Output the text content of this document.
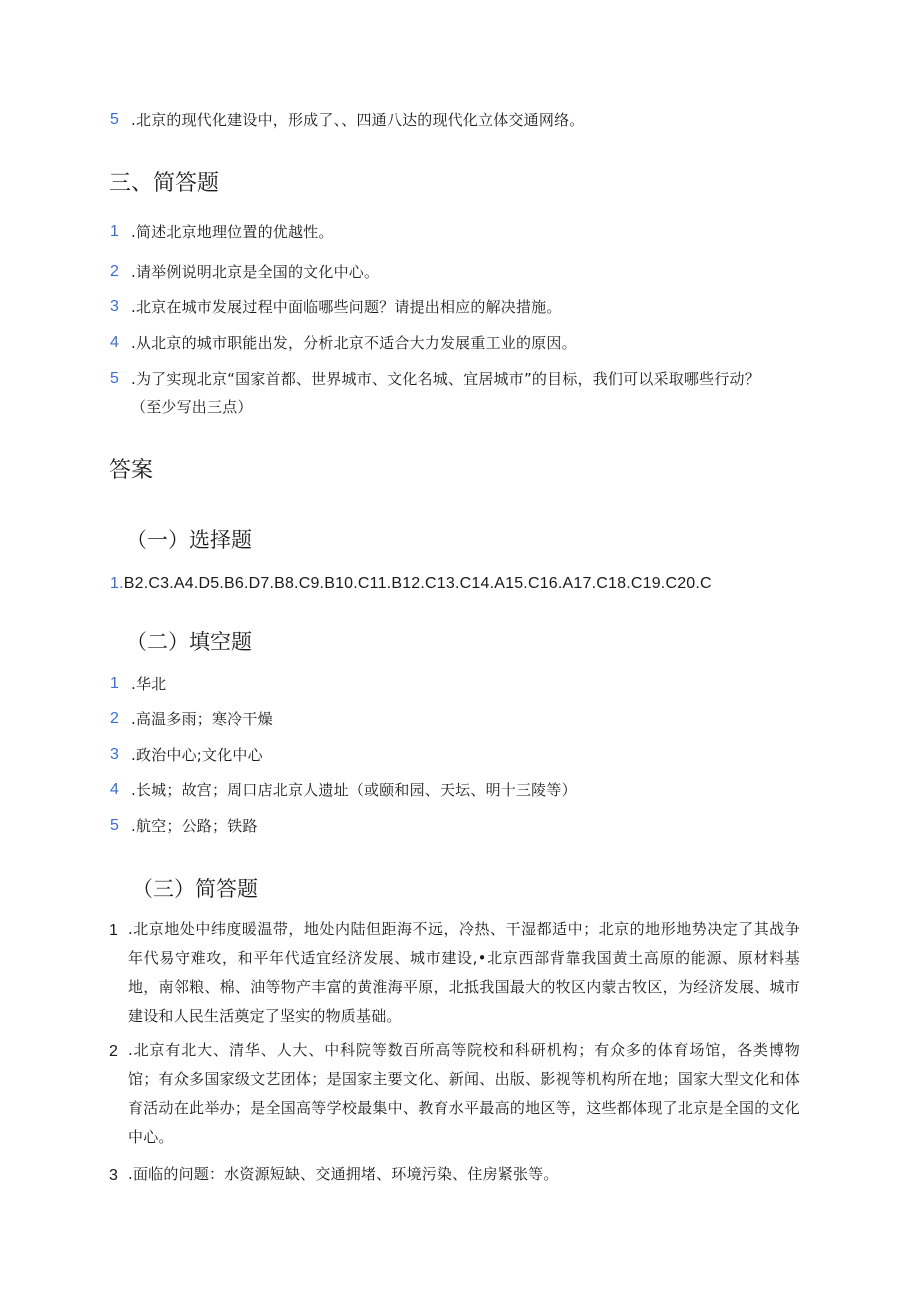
5 .北京的现代化建设中，形成了、、四通八达的现代化立体交通网络。
三、简答题
1 .简述北京地理位置的优越性。
2 .请举例说明北京是全国的文化中心。
3 .北京在城市发展过程中面临哪些问题？请提出相应的解决措施。
4 .从北京的城市职能出发，分析北京不适合大力发展重工业的原因。
5 .为了实现北京“国家首都、世界城市、文化名城、宜居城市”的目标，我们可以采取哪些行动？
（至少写出三点）
答案
（一）选择题
1.B2.C3.A4.D5.B6.D7.B8.C9.B10.C11.B12.C13.C14.A15.C16.A17.C18.C19.C20.C
（二）填空题
1 .华北
2 .高温多雨；寒冷干燥
3 .政治中心;文化中心
4 .长城；故宫；周口店北京人遗址（或颐和园、天坛、明十三陵等）
5 .航空；公路；铁路
（三）简答题
1 .北京地处中纬度暖温带，地处内陆但距海不远，冷热、干湿都适中；北京的地形地势决定了其战争年代易守难攻，和平年代适宜经济发展、城市建设,•北京西部背靠我国黄土高原的能源、原材料基地，南邻粮、棉、油等物产丰富的黄淮海平原，北抵我国最大的牧区内蒙古牧区，为经济发展、城市建设和人民生活奠定了坚实的物质基础。
2 .北京有北大、清华、人大、中科院等数百所高等院校和科研机构；有众多的体育场馆，各类博物馆；有众多国家级文艺团体；是国家主要文化、新闻、出版、影视等机构所在地；国家大型文化和体育活动在此举办；是全国高等学校最集中、教育水平最高的地区等，这些都体现了北京是全国的文化中心。
3 .面临的问题：水资源短缺、交通拥堵、环境污染、住房紧张等。
